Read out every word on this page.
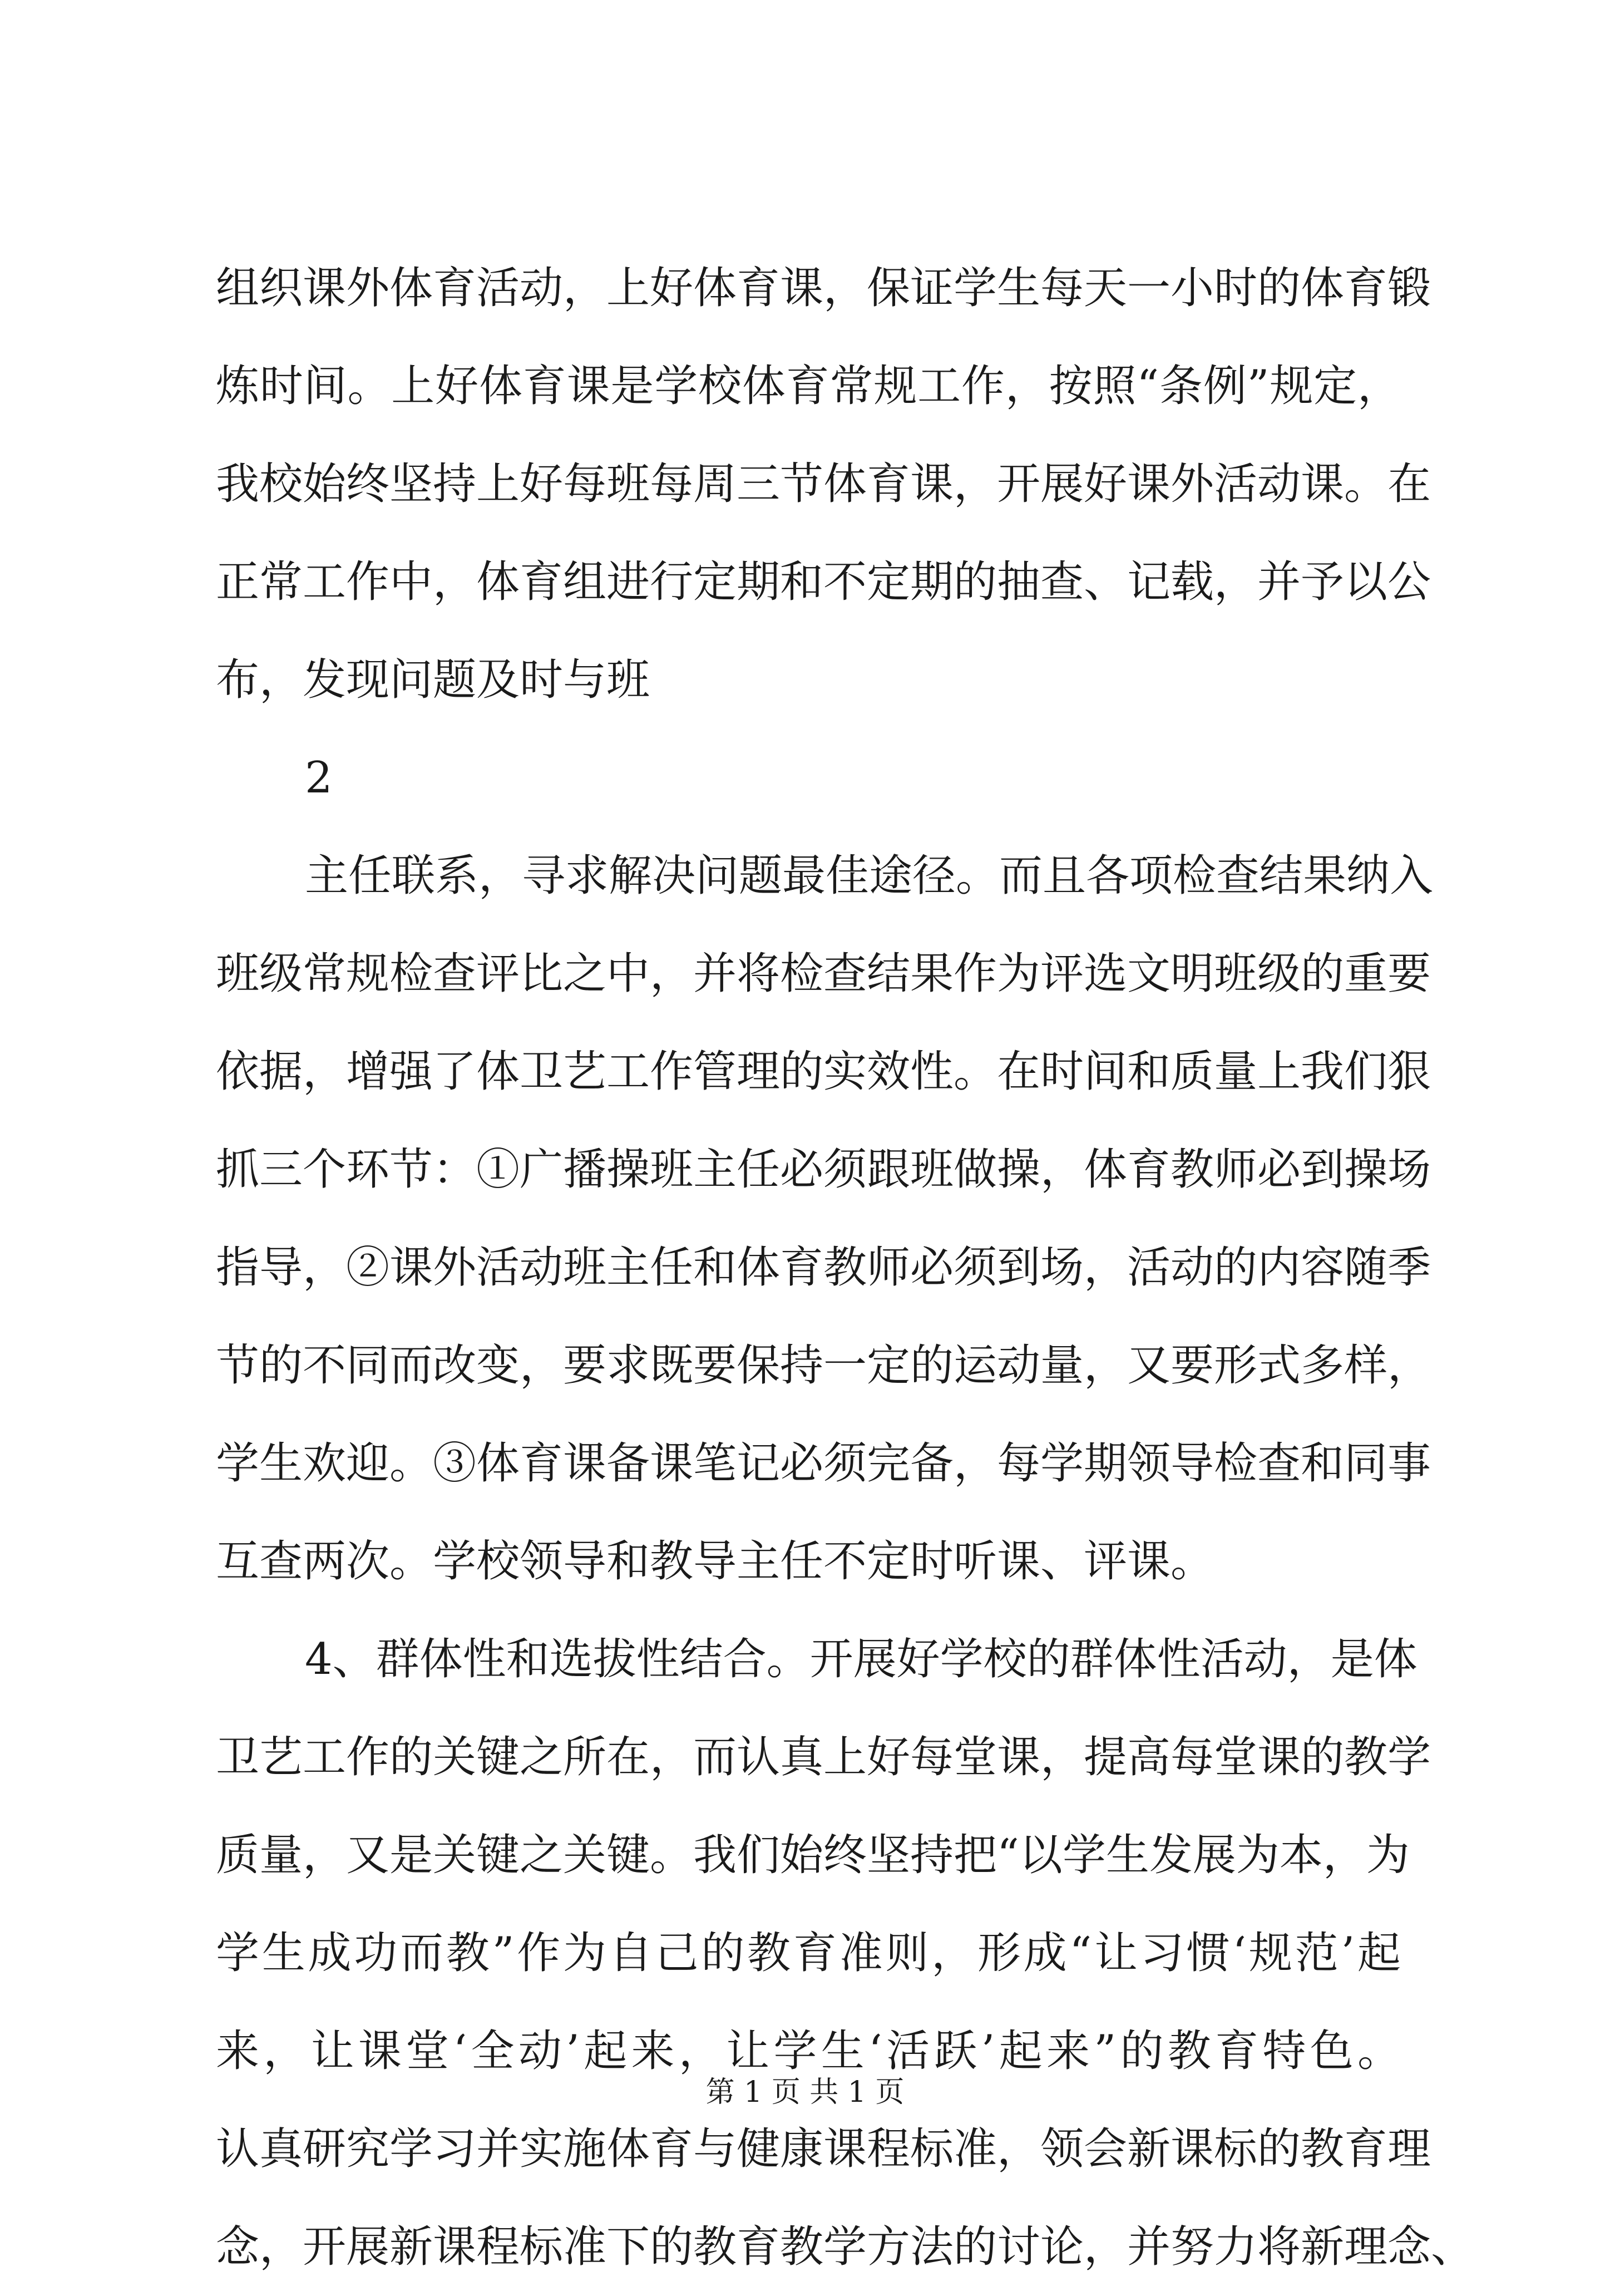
组织课外体育活动，上好体育课，保证学生每天一小时的体育锻
炼时间。上好体育课是学校体育常规工作，按照“条例”规定，
我校始终坚持上好每班每周三节体育课，开展好课外活动课。在
正常工作中，体育组进行定期和不定期的抽查、记载，并予以公
布，发现问题及时与班
2
主任联系，寻求解决问题最佳途径。而且各项检查结果纳入
班级常规检查评比之中，并将检查结果作为评选文明班级的重要
依据，增强了体卫艺工作管理的实效性。在时间和质量上我们狠
抓三个环节：①广播操班主任必须跟班做操，体育教师必到操场
指导，②课外活动班主任和体育教师必须到场，活动的内容随季
节的不同而改变，要求既要保持一定的运动量，又要形式多样，
学生欢迎。③体育课备课笔记必须完备，每学期领导检查和同事
互查两次。学校领导和教导主任不定时听课、评课。
4、群体性和选拔性结合。开展好学校的群体性活动，是体
卫艺工作的关键之所在，而认真上好每堂课，提高每堂课的教学
质量，又是关键之关键。我们始终坚持把“以学生发展为本，为
学生成功而教”作为自己的教育准则，形成“让习惯‘规范’起
来，让课堂‘全动’起来，让学生‘活跃’起来”的教育特色。
认真研究学习并实施体育与健康课程标准，领会新课标的教育理
念，开展新课程标准下的教育教学方法的讨论，并努力将新理念、
第 1 页 共 1 页
